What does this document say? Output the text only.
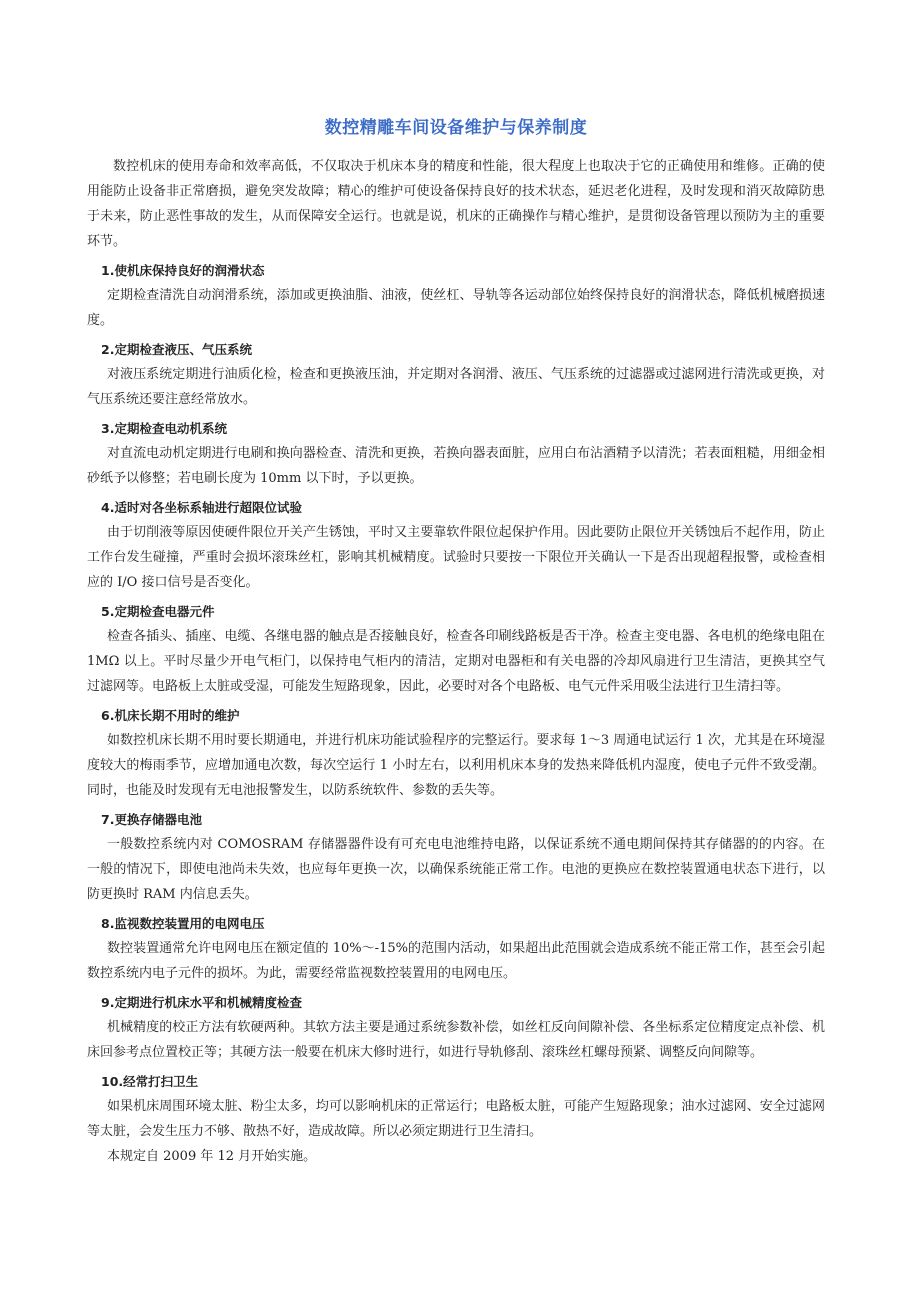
数控精雕车间设备维护与保养制度

数控机床的使用寿命和效率高低，不仅取决于机床本身的精度和性能，很大程度上也取决于它的正确使用和维修。正确的使用能防止设备非正常磨损，避免突发故障；精心的维护可使设备保持良好的技术状态，延迟老化进程，及时发现和消灭故障防患于未来，防止恶性事故的发生，从而保障安全运行。也就是说，机床的正确操作与精心维护，是贯彻设备管理以预防为主的重要环节。

1.使机床保持良好的润滑状态

定期检查清洗自动润滑系统，添加或更换油脂、油液，使丝杠、导轨等各运动部位始终保持良好的润滑状态，降低机械磨损速度。

2.定期检查液压、气压系统

对液压系统定期进行油质化检，检查和更换液压油，并定期对各润滑、液压、气压系统的过滤器或过滤网进行清洗或更换，对气压系统还要注意经常放水。

3.定期检查电动机系统

对直流电动机定期进行电刷和换向器检查、清洗和更换，若换向器表面脏，应用白布沾酒精予以清洗；若表面粗糙，用细金相砂纸予以修整；若电刷长度为 10mm 以下时，予以更换。

4.适时对各坐标系轴进行超限位试验

由于切削液等原因使硬件限位开关产生锈蚀，平时又主要靠软件限位起保护作用。因此要防止限位开关锈蚀后不起作用，防止工作台发生碰撞，严重时会损坏滚珠丝杠，影响其机械精度。试验时只要按一下限位开关确认一下是否出现超程报警，或检查相应的 I/O 接口信号是否变化。

5.定期检查电器元件

检查各插头、插座、电缆、各继电器的触点是否接触良好，检查各印刷线路板是否干净。检查主变电器、各电机的绝缘电阻在 1MΩ 以上。平时尽量少开电气柜门，以保持电气柜内的清洁，定期对电器柜和有关电器的冷却风扇进行卫生清洁，更换其空气过滤网等。电路板上太脏或受湿，可能发生短路现象，因此，必要时对各个电路板、电气元件采用吸尘法进行卫生清扫等。

6.机床长期不用时的维护

如数控机床长期不用时要长期通电，并进行机床功能试验程序的完整运行。要求每 1～3 周通电试运行 1 次，尤其是在环境湿度较大的梅雨季节，应增加通电次数，每次空运行 1 小时左右，以利用机床本身的发热来降低机内湿度，使电子元件不致受潮。同时，也能及时发现有无电池报警发生，以防系统软件、参数的丢失等。

7.更换存储器电池

一般数控系统内对 COMOSRAM 存储器器件设有可充电电池维持电路，以保证系统不通电期间保持其存储器的的内容。在一般的情况下，即使电池尚未失效，也应每年更换一次，以确保系统能正常工作。电池的更换应在数控装置通电状态下进行，以防更换时 RAM 内信息丢失。

8.监视数控装置用的电网电压

数控装置通常允许电网电压在额定值的 10%～-15%的范围内活动，如果超出此范围就会造成系统不能正常工作，甚至会引起数控系统内电子元件的损坏。为此，需要经常监视数控装置用的电网电压。

9.定期进行机床水平和机械精度检查

机械精度的校正方法有软硬两种。其软方法主要是通过系统参数补偿，如丝杠反向间隙补偿、各坐标系定位精度定点补偿、机床回参考点位置校正等；其硬方法一般要在机床大修时进行，如进行导轨修刮、滚珠丝杠螺母预紧、调整反向间隙等。

10.经常打扫卫生

如果机床周围环境太脏、粉尘太多，均可以影响机床的正常运行；电路板太脏，可能产生短路现象；油水过滤网、安全过滤网等太脏，会发生压力不够、散热不好，造成故障。所以必须定期进行卫生清扫。

本规定自 2009 年 12 月开始实施。
